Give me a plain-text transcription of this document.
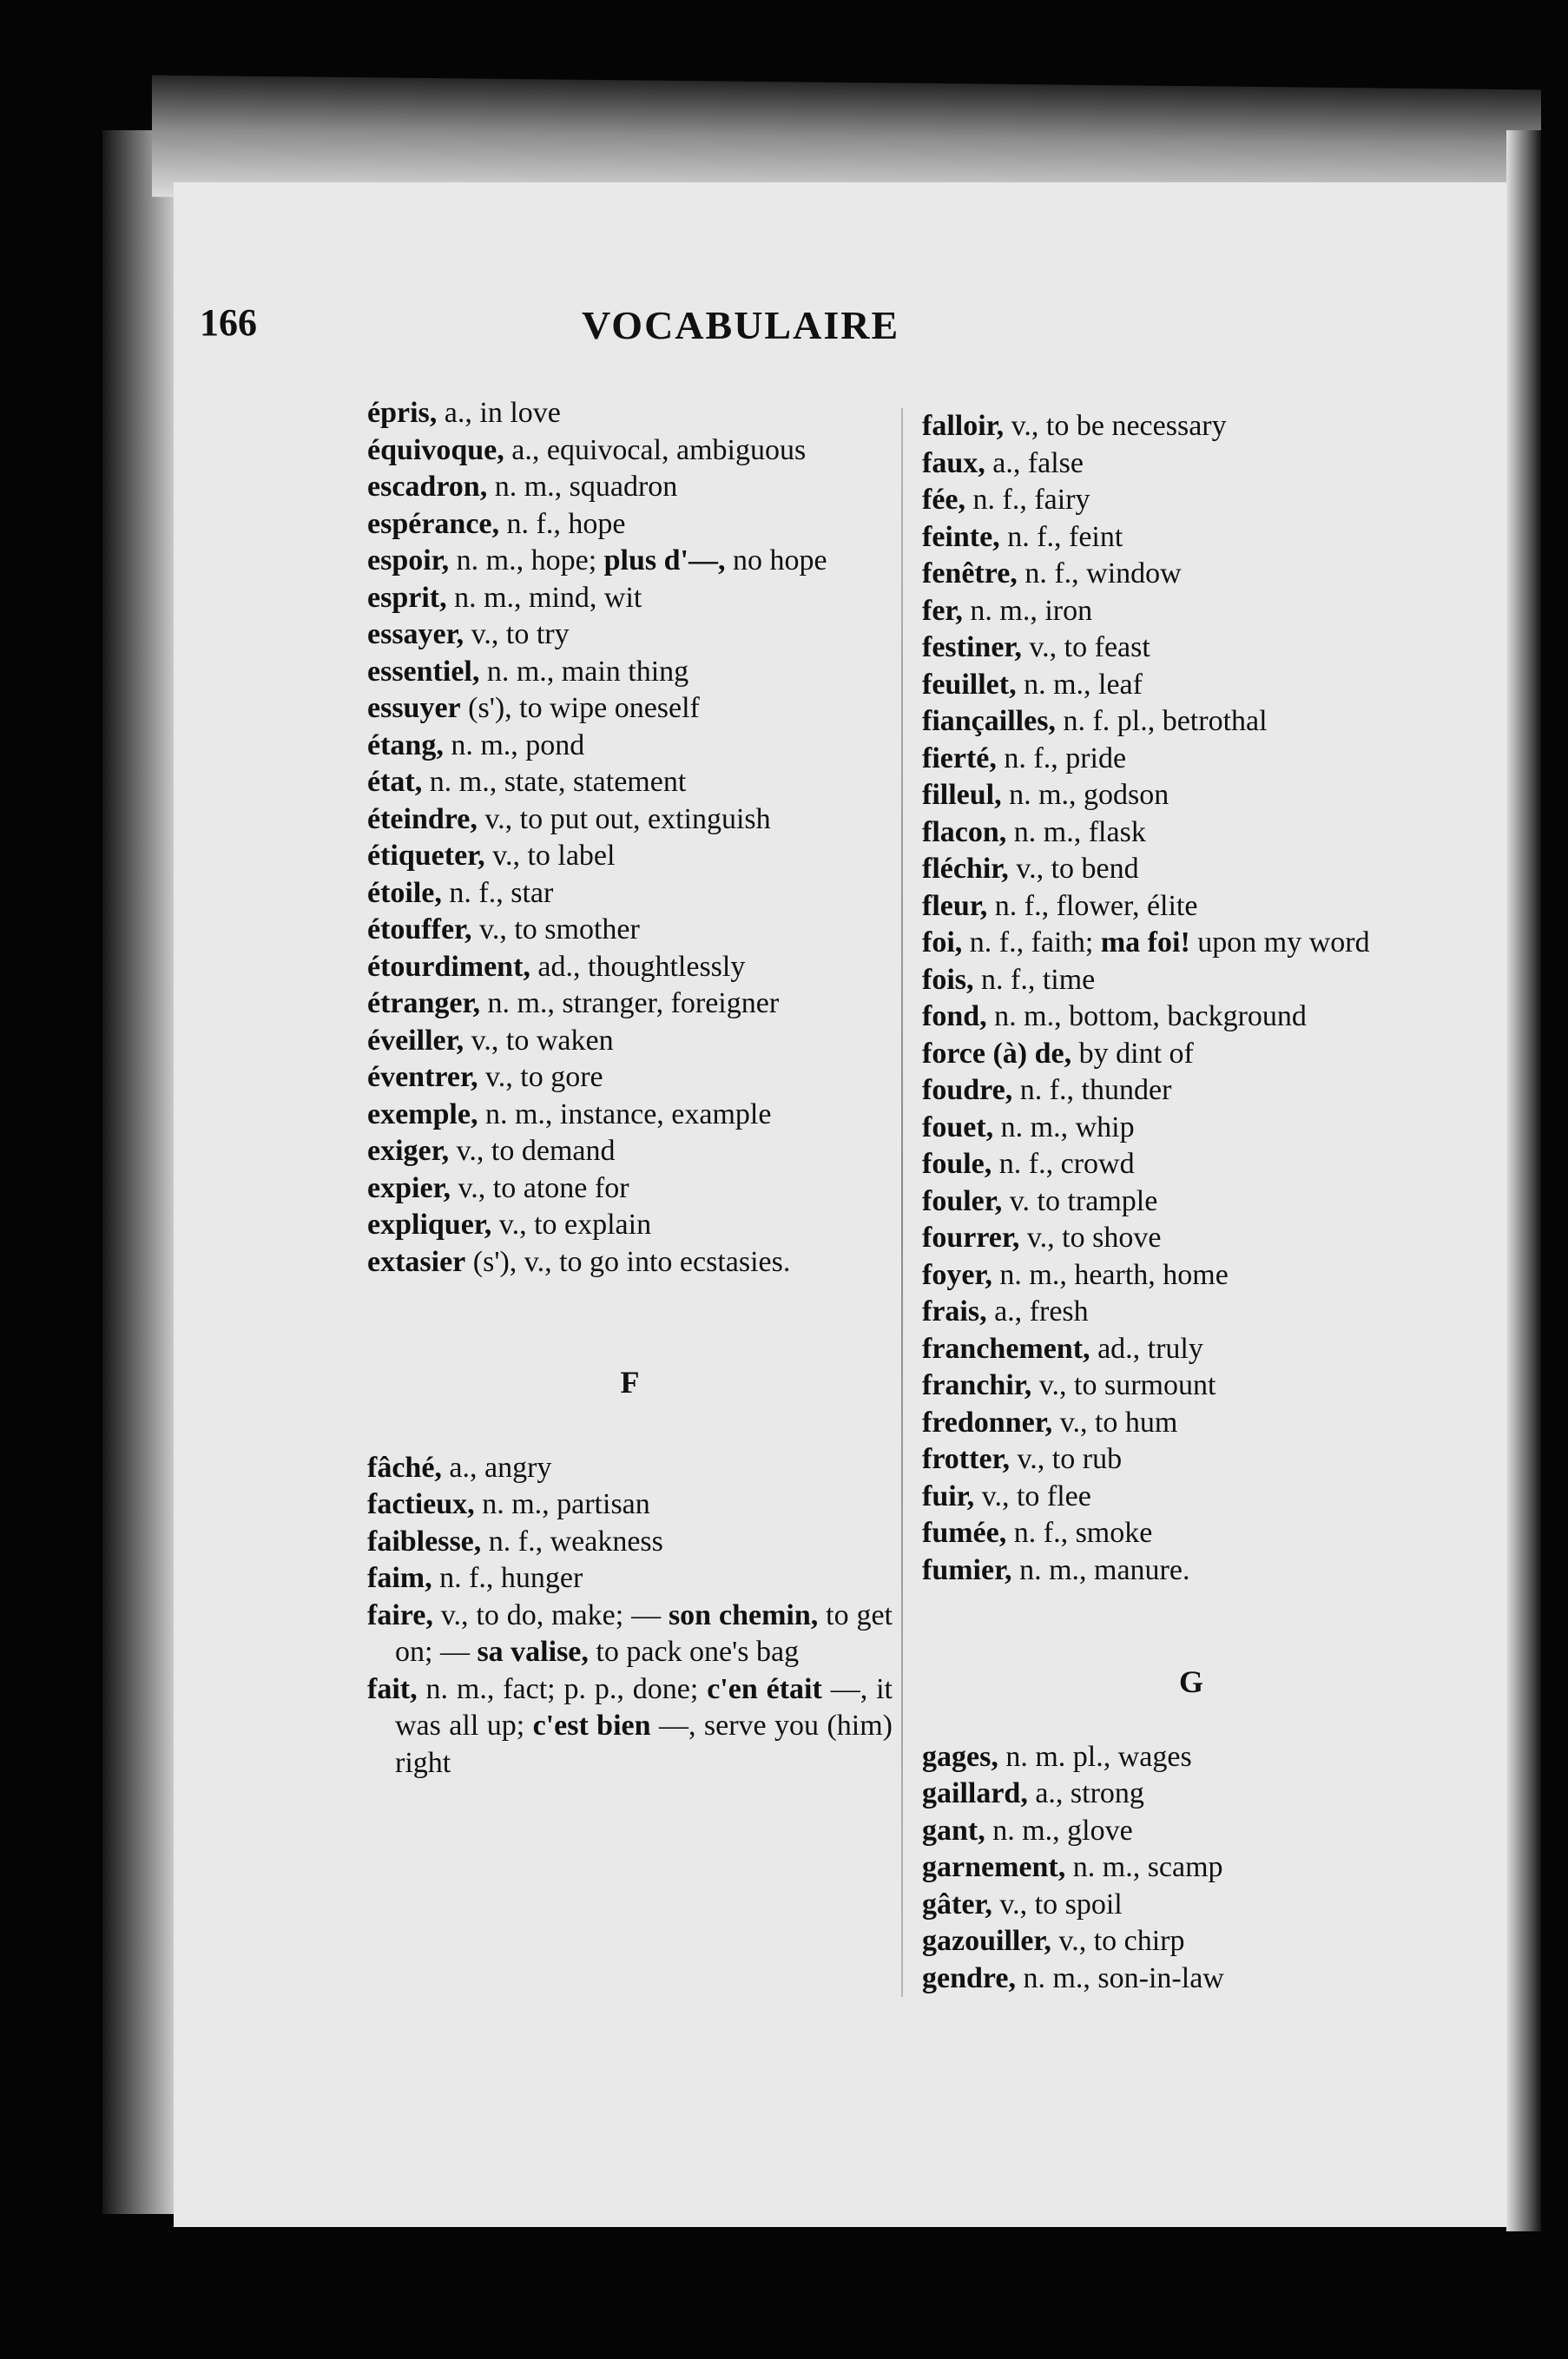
166	VOCABULAIRE
épris, a., in love
équivoque, a., equivocal, ambiguous
escadron, n. m., squadron
espérance, n. f., hope
espoir, n. m., hope; plus d'—, no hope
esprit, n. m., mind, wit
essayer, v., to try
essentiel, n. m., main thing
essuyer (s'), to wipe oneself
étang, n. m., pond
état, n. m., state, statement
éteindre, v., to put out, extinguish
étiqueter, v., to label
étoile, n. f., star
étouffer, v., to smother
étourdiment, ad., thoughtlessly
étranger, n. m., stranger, foreigner
éveiller, v., to waken
éventrer, v., to gore
exemple, n. m., instance, example
exiger, v., to demand
expier, v., to atone for
expliquer, v., to explain
extasier (s'), v., to go into ecstasies.
F
fâché, a., angry
factieux, n. m., partisan
faiblesse, n. f., weakness
faim, n. f., hunger
faire, v., to do, make; — son chemin, to get on; — sa valise, to pack one's bag
fait, n. m., fact; p. p., done; c'en était —, it was all up; c'est bien —, serve you (him) right
falloir, v., to be necessary
faux, a., false
fée, n. f., fairy
feinte, n. f., feint
fenêtre, n. f., window
fer, n. m., iron
festiner, v., to feast
feuillet, n. m., leaf
fiançailles, n. f. pl., betrothal
fierté, n. f., pride
filleul, n. m., godson
flacon, n. m., flask
fléchir, v., to bend
fleur, n. f., flower, élite
foi, n. f., faith; ma foi! upon my word
fois, n. f., time
fond, n. m., bottom, background
force (à) de, by dint of
foudre, n. f., thunder
fouet, n. m., whip
foule, n. f., crowd
fouler, v. to trample
fourrer, v., to shove
foyer, n. m., hearth, home
frais, a., fresh
franchement, ad., truly
franchir, v., to surmount
fredonner, v., to hum
frotter, v., to rub
fuir, v., to flee
fumée, n. f., smoke
fumier, n. m., manure.
G
gages, n. m. pl., wages
gaillard, a., strong
gant, n. m., glove
garnement, n. m., scamp
gâter, v., to spoil
gazouiller, v., to chirp
gendre, n. m., son-in-law
